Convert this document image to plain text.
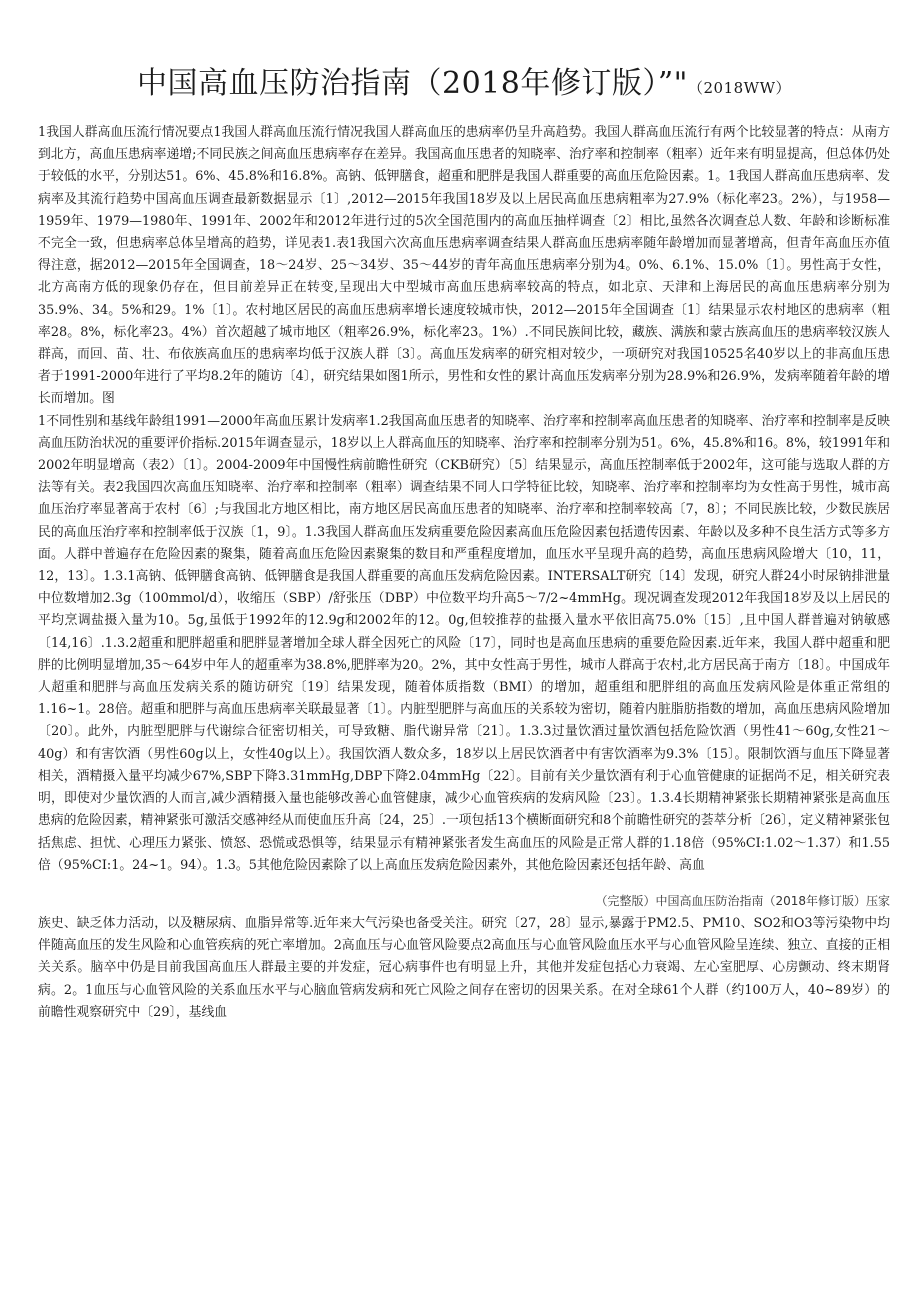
中国高血压防治指南（2018年修订版）”"（2018WW）

1我国人群高血压流行情况要点1我国人群高血压流行情况我国人群高血压的患病率仍呈升高趋势。我国人群高血压流行有两个比较显著的特点：从南方到北方，高血压患病率递增;不同民族之间高血压患病率存在差异。我国高血压患者的知晓率、治疗率和控制率（粗率）近年来有明显提高，但总体仍处于较低的水平，分别达51。6%、45.8%和16.8%。高钠、低钾膳食，超重和肥胖是我国人群重要的高血压危险因素。1。1我国人群高血压患病率、发病率及其流行趋势中国高血压调查最新数据显示〔1〕,2012—2015年我国18岁及以上居民高血压患病粗率为27.9%（标化率23。2%），与1958—1959年、1979—1980年、1991年、2002年和2012年进行过的5次全国范围内的高血压抽样调查〔2〕相比,虽然各次调查总人数、年龄和诊断标准不完全一致，但患病率总体呈增高的趋势，详见表1.表1我国六次高血压患病率调查结果人群高血压患病率随年龄增加而显著增高，但青年高血压亦值得注意，据2012—2015年全国调查，18～24岁、25～34岁、35～44岁的青年高血压患病率分别为4。0%、6.1%、15.0%〔1〕。男性高于女性，北方高南方低的现象仍存在，但目前差异正在转变,呈现出大中型城市高血压患病率较高的特点，如北京、天津和上海居民的高血压患病率分别为35.9%、34。5%和29。1%〔1〕。农村地区居民的高血压患病率增长速度较城市快，2012—2015年全国调查〔1〕结果显示农村地区的患病率（粗率28。8%，标化率23。4%）首次超越了城市地区（粗率26.9%，标化率23。1%）.不同民族间比较，藏族、满族和蒙古族高血压的患病率较汉族人群高，而回、苗、壮、布依族高血压的患病率均低于汉族人群〔3〕。高血压发病率的研究相对较少，一项研究对我国10525名40岁以上的非高血压患者于1991-2000年进行了平均8.2年的随访〔4〕，研究结果如图1所示，男性和女性的累计高血压发病率分别为28.9%和26.9%，发病率随着年龄的增长而增加。图

1不同性别和基线年龄组1991—2000年高血压累计发病率1.2我国高血压患者的知晓率、治疗率和控制率高血压患者的知晓率、治疗率和控制率是反映高血压防治状况的重要评价指标.2015年调查显示，18岁以上人群高血压的知晓率、治疗率和控制率分别为51。6%，45.8%和16。8%，较1991年和2002年明显增高（表2）〔1〕。2004-2009年中国慢性病前瞻性研究（CKB研究）〔5〕结果显示，高血压控制率低于2002年，这可能与选取人群的方法等有关。表2我国四次高血压知晓率、治疗率和控制率（粗率）调查结果不同人口学特征比较，知晓率、治疗率和控制率均为女性高于男性，城市高血压治疗率显著高于农村〔6〕;与我国北方地区相比，南方地区居民高血压患者的知晓率、治疗率和控制率较高〔7，8〕；不同民族比较，少数民族居民的高血压治疗率和控制率低于汉族〔1，9〕。1.3我国人群高血压发病重要危险因素高血压危险因素包括遗传因素、年龄以及多种不良生活方式等多方面。人群中普遍存在危险因素的聚集，随着高血压危险因素聚集的数目和严重程度增加，血压水平呈现升高的趋势，高血压患病风险增大〔10，11，12，13〕。1.3.1高钠、低钾膳食高钠、低钾膳食是我国人群重要的高血压发病危险因素。INTERSALT研究〔14〕发现，研究人群24小时尿钠排泄量中位数增加2.3g（100mmol/d），收缩压（SBP）/舒张压（DBP）中位数平均升高5～7/2~4mmHg。现况调查发现2012年我国18岁及以上居民的平均烹调盐摄入量为10。5g,虽低于1992年的12.9g和2002年的12。0g,但较推荐的盐摄入量水平依旧高75.0%〔15〕,且中国人群普遍对钠敏感〔14,16〕.1.3.2超重和肥胖超重和肥胖显著增加全球人群全因死亡的风险〔17〕，同时也是高血压患病的重要危险因素.近年来，我国人群中超重和肥胖的比例明显增加,35～64岁中年人的超重率为38.8%,肥胖率为20。2%，其中女性高于男性，城市人群高于农村,北方居民高于南方〔18〕。中国成年人超重和肥胖与高血压发病关系的随访研究〔19〕结果发现，随着体质指数（BMI）的增加，超重组和肥胖组的高血压发病风险是体重正常组的1.16~1。28倍。超重和肥胖与高血压患病率关联最显著〔1〕。内脏型肥胖与高血压的关系较为密切，随着内脏脂肪指数的增加，高血压患病风险增加〔20〕。此外，内脏型肥胖与代谢综合征密切相关，可导致糖、脂代谢异常〔21〕。1.3.3过量饮酒过量饮酒包括危险饮酒（男性41～60g,女性21～40g）和有害饮酒（男性60g以上，女性40g以上）。我国饮酒人数众多，18岁以上居民饮酒者中有害饮酒率为9.3%〔15〕。限制饮酒与血压下降显著相关，酒精摄入量平均减少67%,SBP下降3.31mmHg,DBP下降2.04mmHg〔22〕。目前有关少量饮酒有利于心血管健康的证据尚不足，相关研究表明，即使对少量饮酒的人而言,减少酒精摄入量也能够改善心血管健康，减少心血管疾病的发病风险〔23〕。1.3.4长期精神紧张长期精神紧张是高血压患病的危险因素，精神紧张可激活交感神经从而使血压升高〔24，25〕.一项包括13个横断面研究和8个前瞻性研究的荟萃分析〔26〕，定义精神紧张包括焦虑、担忧、心理压力紧张、愤怒、恐慌或恐惧等，结果显示有精神紧张者发生高血压的风险是正常人群的1.18倍（95%CI:1.02～1.37）和1.55倍（95%CI:1。24~1。94）。1.3。5其他危险因素除了以上高血压发病危险因素外，其他危险因素还包括年龄、高血

（完整版）中国高血压防治指南（2018年修订版）压家

族史、缺乏体力活动，以及糖尿病、血脂异常等.近年来大气污染也备受关注。研究〔27，28〕显示,暴露于PM2.5、PM10、SO2和O3等污染物中均伴随高血压的发生风险和心血管疾病的死亡率增加。2高血压与心血管风险要点2高血压与心血管风险血压水平与心血管风险呈连续、独立、直接的正相关关系。脑卒中仍是目前我国高血压人群最主要的并发症，冠心病事件也有明显上升，其他并发症包括心力衰竭、左心室肥厚、心房颤动、终末期肾病。2。1血压与心血管风险的关系血压水平与心脑血管病发病和死亡风险之间存在密切的因果关系。在对全球61个人群（约100万人，40~89岁）的前瞻性观察研究中〔29〕，基线血
